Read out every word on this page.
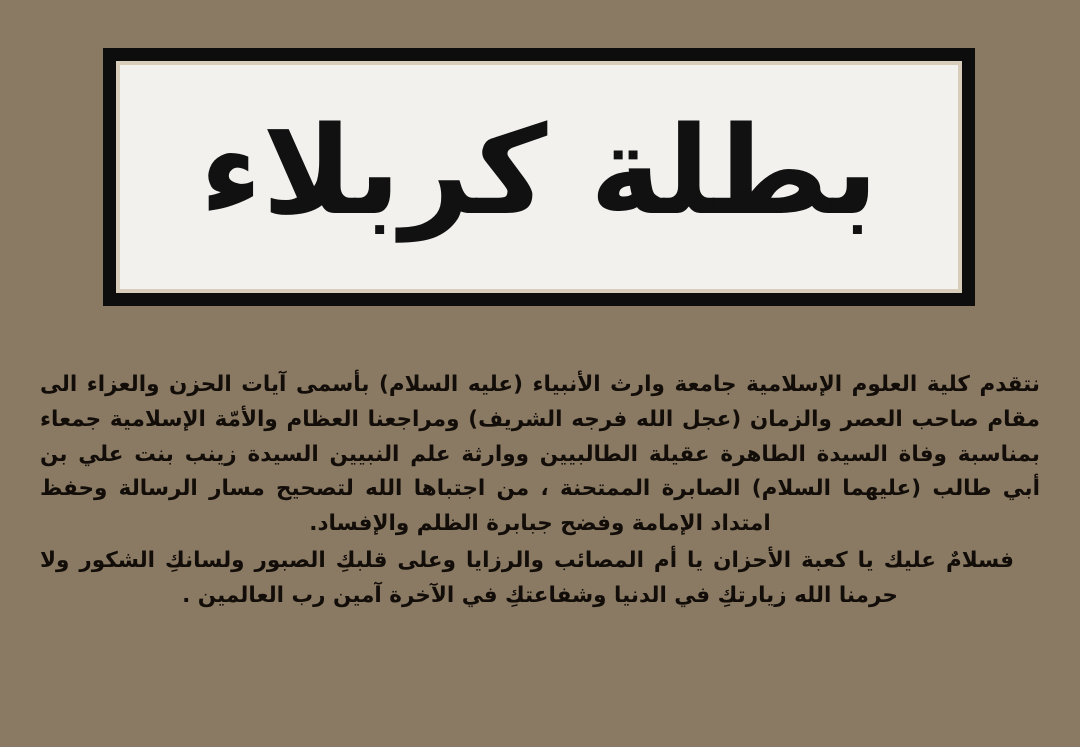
بطلة كربلاء

نتقدم كلية العلوم الإسلامية جامعة وارث الأنبياء (عليه السلام) بأسمى آيات الحزن والعزاء الى مقام صاحب العصر والزمان (عجل الله فرجه الشريف) ومراجعنا العظام والأمّة الإسلامية جمعاء بمناسبة وفاة السيدة الطاهرة عقيلة الطالبيين ووارثة علم النبيين السيدة زينب بنت علي بن أبي طالب (عليهما السلام) الصابرة الممتحنة ، من اجتباها الله لتصحيح مسار الرسالة وحفظ امتداد الإمامة وفضح جبابرة الظلم والإفساد.

فسلامٌ عليك يا كعبة الأحزان يا أم المصائب والرزايا وعلى قلبكِ الصبور ولسانكِ الشكور ولا حرمنا الله زيارتكِ في الدنيا وشفاعتكِ في الآخرة آمين رب العالمين .
